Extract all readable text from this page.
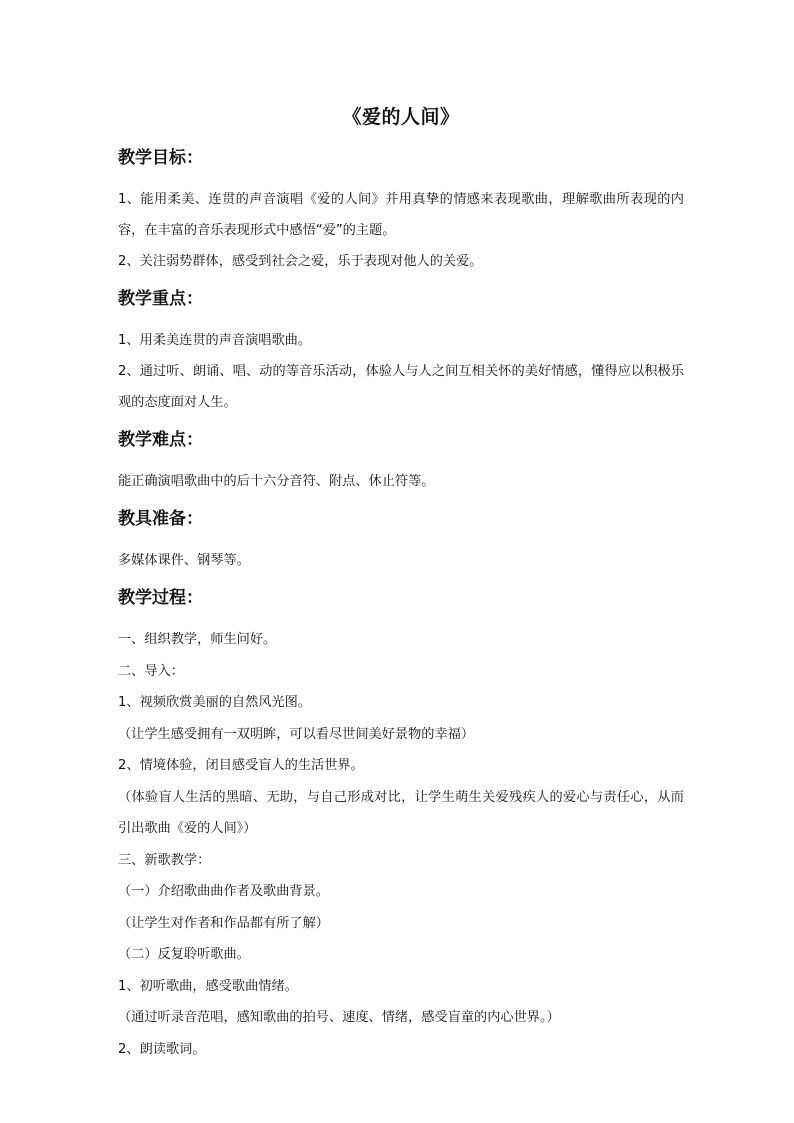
《爱的人间》
教学目标：

1、能用柔美、连贯的声音演唱《爱的人间》并用真挚的情感来表现歌曲，理解歌曲所表现的内容，在丰富的音乐表现形式中感悟“爱”的主题。

2、关注弱势群体，感受到社会之爱，乐于表现对他人的关爱。

教学重点：

1、用柔美连贯的声音演唱歌曲。

2、通过听、朗诵、唱、动的等音乐活动，体验人与人之间互相关怀的美好情感，懂得应以积极乐观的态度面对人生。

教学难点：

能正确演唱歌曲中的后十六分音符、附点、休止符等。

教具准备：

多媒体课件、钢琴等。

教学过程：

一、组织教学，师生问好。

二、导入：

1、视频欣赏美丽的自然风光图。

（让学生感受拥有一双明眸，可以看尽世间美好景物的幸福）

2、情境体验，闭目感受盲人的生活世界。

（体验盲人生活的黑暗、无助，与自己形成对比，让学生萌生关爱残疾人的爱心与责任心，从而引出歌曲《爱的人间》）

三、新歌教学：

（一）介绍歌曲曲作者及歌曲背景。

（让学生对作者和作品都有所了解）

（二）反复聆听歌曲。

1、初听歌曲，感受歌曲情绪。

（通过听录音范唱，感知歌曲的拍号、速度、情绪，感受盲童的内心世界。）

2、朗读歌词。
